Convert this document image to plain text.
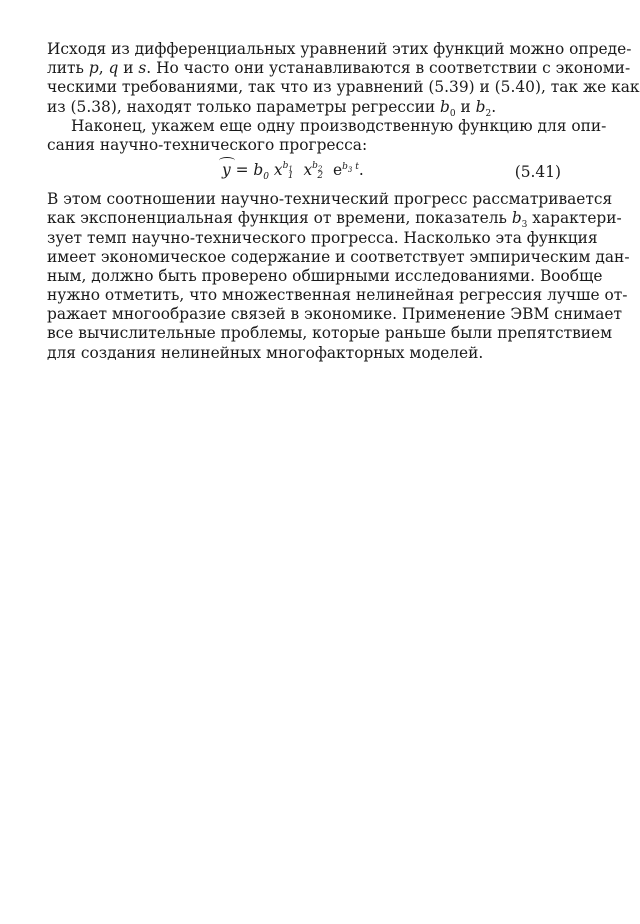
Исходя из дифференциальных уравнений этих функций можно опреде-
лить p, q и s. Но часто они устанавливаются в соответствии с экономи-
ческими требованиями, так что из уравнений (5.39) и (5.40), так же как
из (5.38), находят только параметры регрессии $b_0$ и $b_2$.
Наконец, укажем еще одну производственную функцию для опи-
сания научно-технического прогресса:
$y = b_0$ $x^{b_1}1$ $x^{b_2}2$ $e^{b_3 t}$.	(5.41)
В этом соотношении научно-технический прогресс рассматривается
как экспоненциальная функция от времени, показатель $b_3$ характери-
зует темп научно-технического прогресса. Насколько эта функция
имеет экономическое содержание и соответствует эмпирическим дан-
ным, должно быть проверено обширными исследованиями. Вообще
нужно отметить, что множественная нелинейная регрессия лучше от-
ражает многообразие связей в экономике. Применение ЭВМ снимает
все вычислительные проблемы, которые раньше были препятствием
для создания нелинейных многофакторных моделей.
